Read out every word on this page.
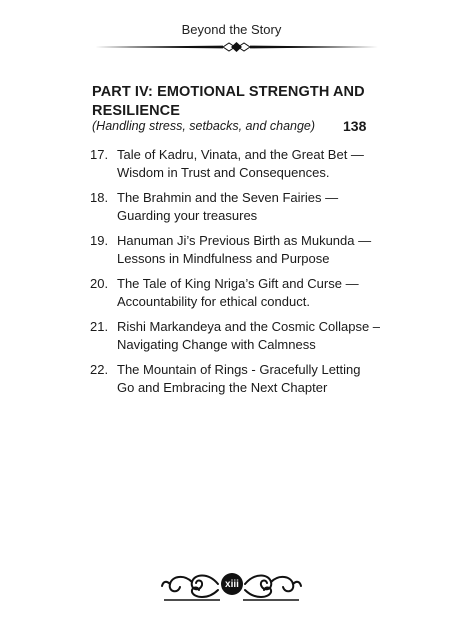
Beyond the Story
PART IV: EMOTIONAL STRENGTH AND RESILIENCE
(Handling stress, setbacks, and change) 138
17. Tale of Kadru, Vinata, and the Great Bet — Wisdom in Trust and Consequences.
18. The Brahmin and the Seven Fairies — Guarding your treasures
19. Hanuman Ji’s Previous Birth as Mukunda — Lessons in Mindfulness and Purpose
20. The Tale of King Nriga’s Gift and Curse — Accountability for ethical conduct.
21. Rishi Markandeya and the Cosmic Collapse – Navigating Change with Calmness
22. The Mountain of Rings - Gracefully Letting Go and Embracing the Next Chapter
xiii
